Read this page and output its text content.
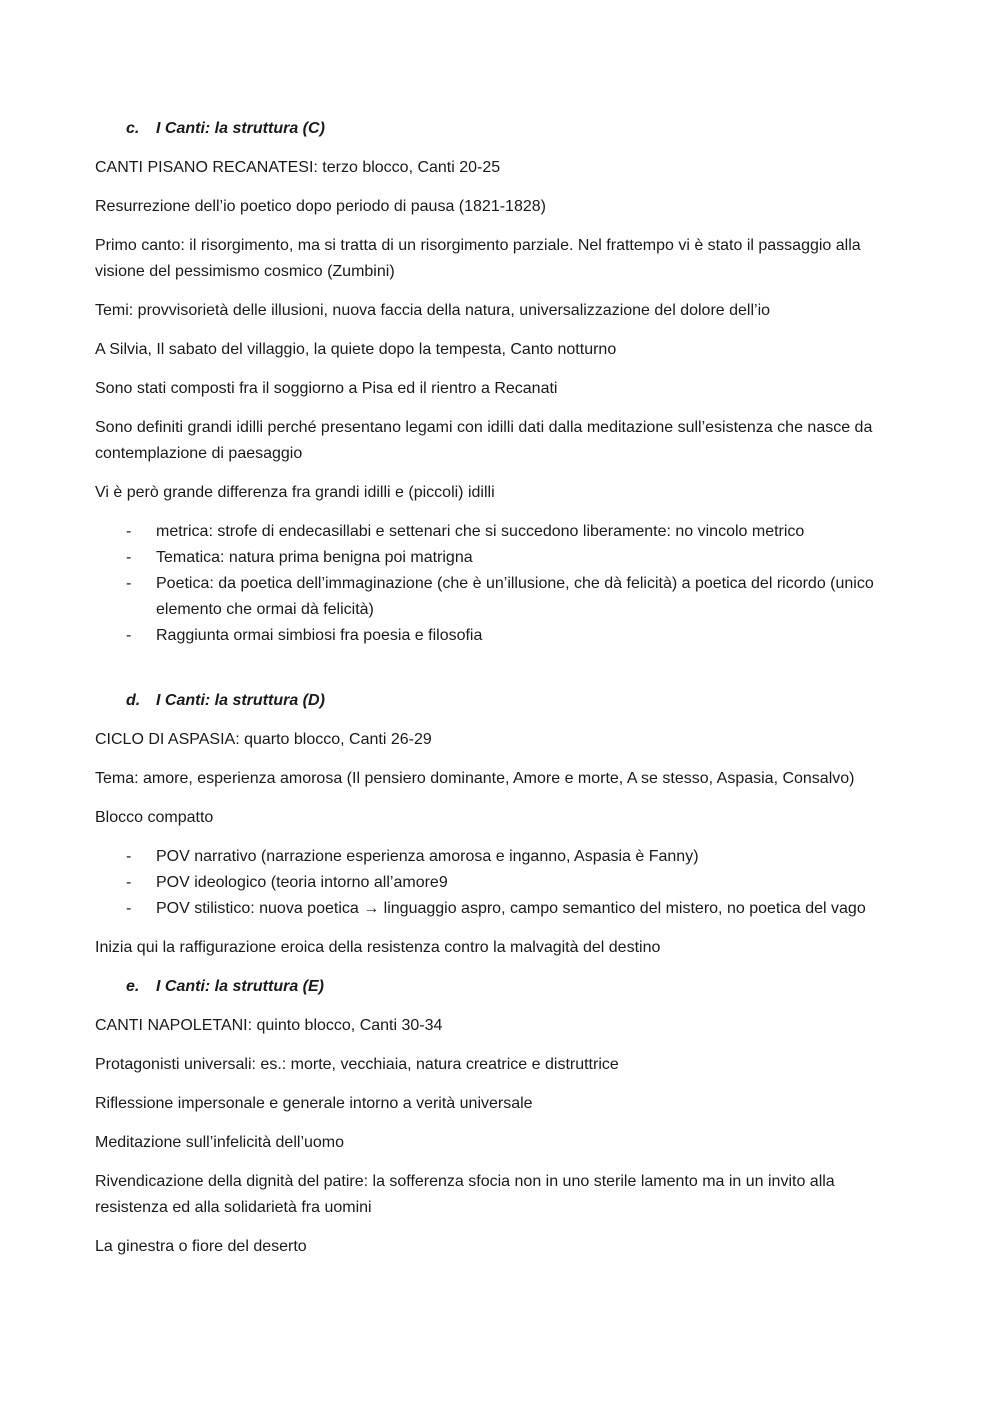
c.	I Canti: la struttura (C)

CANTI PISANO RECANATESI: terzo blocco, Canti 20-25

Resurrezione dell’io poetico dopo periodo di pausa (1821-1828)

Primo canto: il risorgimento, ma si tratta di un risorgimento parziale. Nel frattempo vi è stato il passaggio alla visione del pessimismo cosmico (Zumbini)

Temi: provvisorietà delle illusioni, nuova faccia della natura, universalizzazione del dolore dell’io

A Silvia, Il sabato del villaggio, la quiete dopo la tempesta, Canto notturno

Sono stati composti fra il soggiorno a Pisa ed il rientro a Recanati

Sono definiti grandi idilli perché presentano legami con idilli dati dalla meditazione sull’esistenza che nasce da contemplazione di paesaggio

Vi è però grande differenza fra grandi idilli e (piccoli) idilli

-	metrica: strofe di endecasillabi e settenari che si succedono liberamente: no vincolo metrico
-	Tematica: natura prima benigna poi matrigna
-	Poetica: da poetica dell’immaginazione (che è un’illusione, che dà felicità) a poetica del ricordo (unico elemento che ormai dà felicità)
-	Raggiunta ormai simbiosi fra poesia e filosofia
d. I Canti: la struttura (D)

CICLO DI ASPASIA: quarto blocco, Canti 26-29

Tema: amore, esperienza amorosa (Il pensiero dominante, Amore e morte, A se stesso, Aspasia, Consalvo)

Blocco compatto

-	POV narrativo (narrazione esperienza amorosa e inganno, Aspasia è Fanny)
-	POV ideologico (teoria intorno all’amore9
-	POV stilistico: nuova poetica → linguaggio aspro, campo semantico del mistero, no poetica del vago

Inizia qui la raffigurazione eroica della resistenza contro la malvagità del destino

e.	I Canti: la struttura (E)

CANTI NAPOLETANI: quinto blocco, Canti 30-34

Protagonisti universali: es.: morte, vecchiaia, natura creatrice e distruttrice

Riflessione impersonale e generale intorno a verità universale

Meditazione sull’infelicità dell’uomo

Rivendicazione della dignità del patire: la sofferenza sfocia non in uno sterile lamento ma in un invito alla resistenza ed alla solidarietà fra uomini

La ginestra o fiore del deserto
